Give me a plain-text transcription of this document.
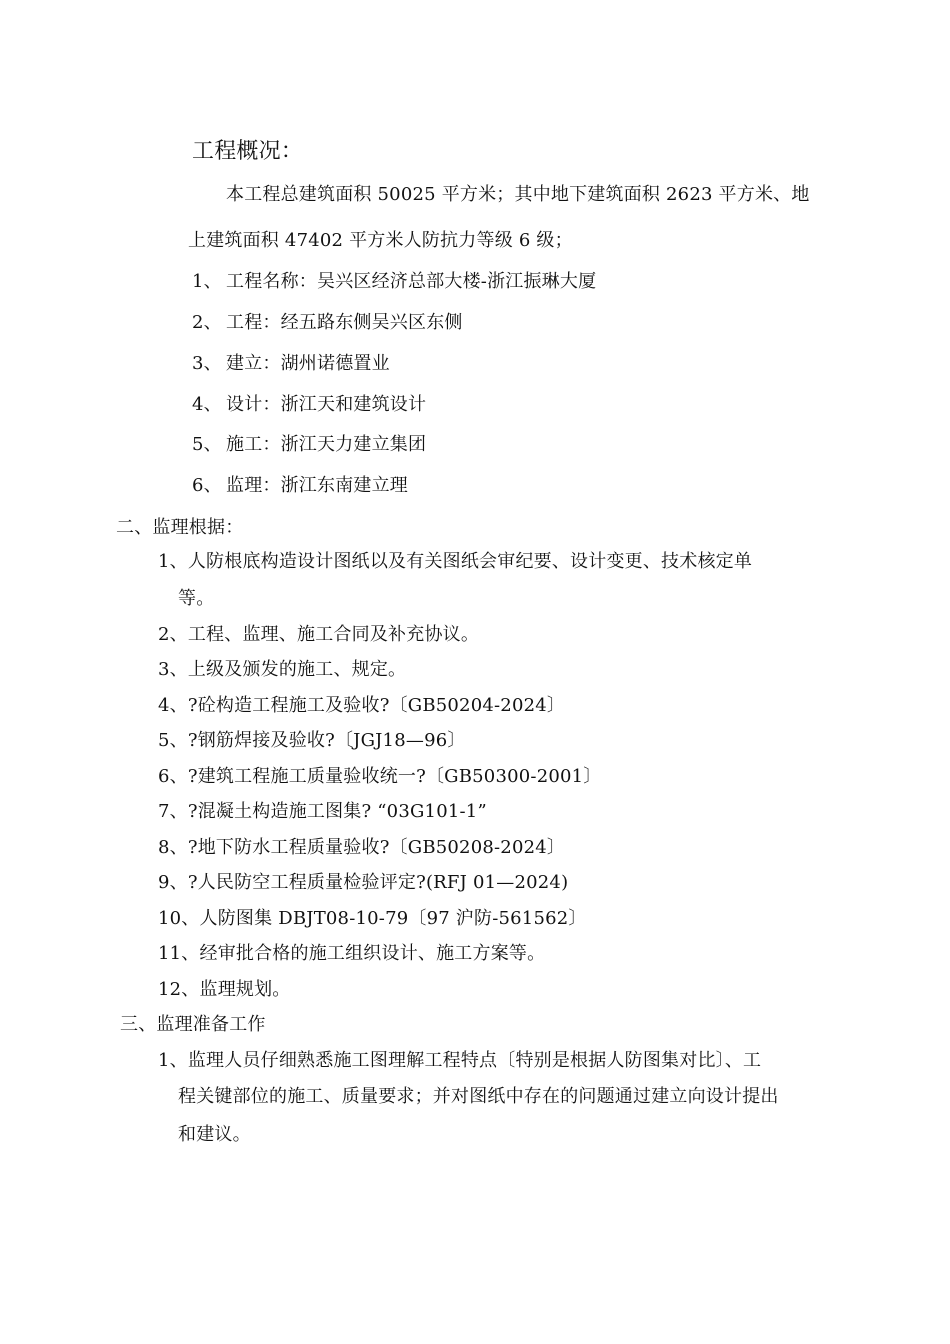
工程概况：
本工程总建筑面积 50025 平方米；其中地下建筑面积 2623 平方米、地
上建筑面积 47402 平方米人防抗力等级 6 级；
1、 工程名称：吴兴区经济总部大楼-浙江振琳大厦
2、 工程：经五路东侧吴兴区东侧
3、 建立：湖州诺德置业
4、 设计：浙江天和建筑设计
5、 施工：浙江天力建立集团
6、 监理：浙江东南建立理
二、监理根据：
1、人防根底构造设计图纸以及有关图纸会审纪要、设计变更、技术核定单
等。
2、工程、监理、施工合同及补充协议。
3、上级及颁发的施工、规定。
4、?砼构造工程施工及验收?〔GB50204-2024〕
5、?钢筋焊接及验收?〔JGJ18—96〕
6、?建筑工程施工质量验收统一?〔GB50300-2001〕
7、?混凝土构造施工图集? “03G101-1”
8、?地下防水工程质量验收?〔GB50208-2024〕
9、?人民防空工程质量检验评定?(RFJ 01—2024)
10、人防图集 DBJT08-10-79〔97 沪防-561562〕
11、经审批合格的施工组织设计、施工方案等。
12、监理规划。
三、监理准备工作
1、监理人员仔细熟悉施工图理解工程特点〔特别是根据人防图集对比〕、工
程关键部位的施工、质量要求；并对图纸中存在的问题通过建立向设计提出
和建议。
